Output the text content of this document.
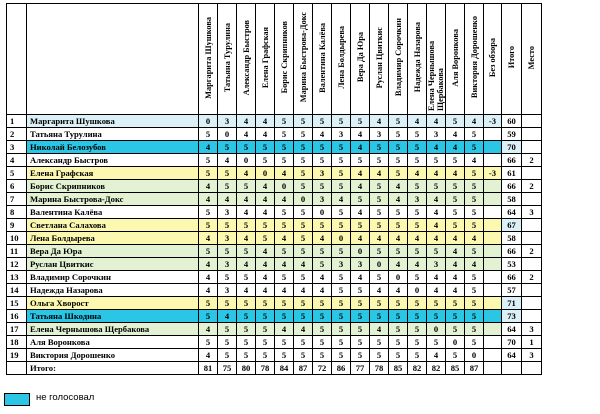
		Маргарита Шушкова	Татьяна Турулина	Александр Быстров	Елена Графская	Борис Скрипников	Марина Быстрова-Докс	Валентина Калёва	Лена Болдырева	Вера Да Юра	Руслан Цвиткис	Владимир Сорочкин	Надежда Назарова	Елена Чернышова Щербакова	Аля Воронкова	Виктория Дорошенко	Без обзора	Итого	Место
1	Маргарита Шушкова	0	3	4	4	5	5	5	5	5	4	5	4	4	5	4	-3	60	
2	Татьяна Турулина	5	0	4	4	5	5	4	3	4	3	5	5	3	4	5		59	
3	Николай Белозубов	4	5	5	5	5	5	5	5	4	5	5	5	4	4	5		70	
4	Александр Быстров	5	4	0	5	5	5	5	5	5	5	5	5	5	5	4		66	2
5	Елена Графская	5	5	4	0	4	5	3	5	4	4	5	4	4	4	5	-3	61	
6	Борис Скрипников	4	5	5	4	0	5	5	5	4	5	4	5	5	5	5		66	2
7	Марина Быстрова-Докс	4	4	4	4	4	0	3	4	5	5	4	3	4	5	5		58	
8	Валентина Калёва	5	3	4	4	5	5	0	5	4	5	5	5	4	5	5		64	3
9	Светлана Салахова	5	5	5	5	5	5	5	5	5	5	5	5	4	5	5		67	
10	Лена Болдырева	4	3	4	5	4	5	4	0	4	4	4	4	4	4	4		58	
11	Вера Да Юра	5	5	5	4	5	5	5	5	0	5	5	5	5	4	5		66	2
12	Руслан Цвиткис	4	3	4	4	4	4	5	3	3	0	4	4	3	4	4		53	
13	Владимир Сорочкин	4	5	5	4	5	5	4	5	4	5	0	5	4	4	5		66	2
14	Надежда Назарова	4	3	4	4	4	4	4	5	5	4	4	0	4	4	5		57	
15	Ольга Хворост	5	5	5	5	5	5	5	5	5	5	5	5	5	5	5		71	
16	Татьяна Шкодина	5	4	5	5	5	5	5	5	5	5	5	5	5	5	5		73	
17	Елена Чернышова Щербакова	4	5	5	5	4	4	5	5	5	4	5	5	0	5	5		64	3
18	Аля Воронкова	5	5	5	5	5	5	5	5	5	5	5	5	5	0	5		70	1
19	Виктория Дорошенко	4	5	5	5	5	5	5	5	5	5	5	5	4	5	0		64	3
	Итого:	81	75	80	78	84	87	72	86	77	78	85	82	82	85	87			
не голосовал
